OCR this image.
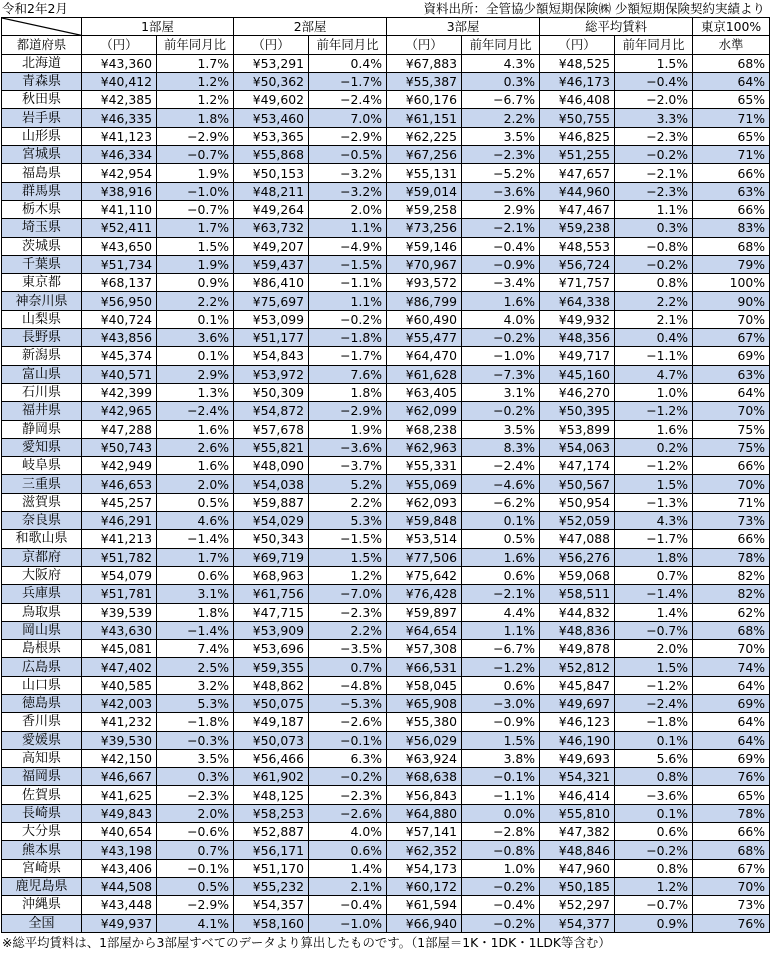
令和2年2月	資料出所：全管協少額短期保険㈱ 少額短期保険契約実績より
	1部屋		2部屋		3部屋		総平均賃料		東京100%
都道府県	（円）	前年同月比	（円）	前年同月比	（円）	前年同月比	（円）	前年同月比	水準
北海道	¥43,360	1.7%	¥53,291	0.4%	¥67,883	4.3%	¥48,525	1.5%	68%
青森県	¥40,412	1.2%	¥50,362	−1.7%	¥55,387	0.3%	¥46,173	−0.4%	64%
秋田県	¥42,385	1.2%	¥49,602	−2.4%	¥60,176	−6.7%	¥46,408	−2.0%	65%
岩手県	¥46,335	1.8%	¥53,460	7.0%	¥61,151	2.2%	¥50,755	3.3%	71%
山形県	¥41,123	−2.9%	¥53,365	−2.9%	¥62,225	3.5%	¥46,825	−2.3%	65%
宮城県	¥46,334	−0.7%	¥55,868	−0.5%	¥67,256	−2.3%	¥51,255	−0.2%	71%
福島県	¥42,954	1.9%	¥50,153	−3.2%	¥55,131	−5.2%	¥47,657	−2.1%	66%
群馬県	¥38,916	−1.0%	¥48,211	−3.2%	¥59,014	−3.6%	¥44,960	−2.3%	63%
栃木県	¥41,110	−0.7%	¥49,264	2.0%	¥59,258	2.9%	¥47,467	1.1%	66%
埼玉県	¥52,411	1.7%	¥63,732	1.1%	¥73,256	−2.1%	¥59,238	0.3%	83%
茨城県	¥43,650	1.5%	¥49,207	−4.9%	¥59,146	−0.4%	¥48,553	−0.8%	68%
千葉県	¥51,734	1.9%	¥59,437	−1.5%	¥70,967	−0.9%	¥56,724	−0.2%	79%
東京都	¥68,137	0.9%	¥86,410	−1.1%	¥93,572	−3.4%	¥71,757	0.8%	100%
神奈川県	¥56,950	2.2%	¥75,697	1.1%	¥86,799	1.6%	¥64,338	2.2%	90%
山梨県	¥40,724	0.1%	¥53,099	−0.2%	¥60,490	4.0%	¥49,932	2.1%	70%
長野県	¥43,856	3.6%	¥51,177	−1.8%	¥55,477	−0.2%	¥48,356	0.4%	67%
新潟県	¥45,374	0.1%	¥54,843	−1.7%	¥64,470	−1.0%	¥49,717	−1.1%	69%
富山県	¥40,571	2.9%	¥53,972	7.6%	¥61,628	−7.3%	¥45,160	4.7%	63%
石川県	¥42,399	1.3%	¥50,309	1.8%	¥63,405	3.1%	¥46,270	1.0%	64%
福井県	¥42,965	−2.4%	¥54,872	−2.9%	¥62,099	−0.2%	¥50,395	−1.2%	70%
静岡県	¥47,288	1.6%	¥57,678	1.9%	¥68,238	3.5%	¥53,899	1.6%	75%
愛知県	¥50,743	2.6%	¥55,821	−3.6%	¥62,963	8.3%	¥54,063	0.2%	75%
岐阜県	¥42,949	1.6%	¥48,090	−3.7%	¥55,331	−2.4%	¥47,174	−1.2%	66%
三重県	¥46,653	2.0%	¥54,038	5.2%	¥55,069	−4.6%	¥50,567	1.5%	70%
滋賀県	¥45,257	0.5%	¥59,887	2.2%	¥62,093	−6.2%	¥50,954	−1.3%	71%
奈良県	¥46,291	4.6%	¥54,029	5.3%	¥59,848	0.1%	¥52,059	4.3%	73%
和歌山県	¥41,213	−1.4%	¥50,343	−1.5%	¥53,514	0.5%	¥47,088	−1.7%	66%
京都府	¥51,782	1.7%	¥69,719	1.5%	¥77,506	1.6%	¥56,276	1.8%	78%
大阪府	¥54,079	0.6%	¥68,963	1.2%	¥75,642	0.6%	¥59,068	0.7%	82%
兵庫県	¥51,781	3.1%	¥61,756	−7.0%	¥76,428	−2.1%	¥58,511	−1.4%	82%
鳥取県	¥39,539	1.8%	¥47,715	−2.3%	¥59,897	4.4%	¥44,832	1.4%	62%
岡山県	¥43,630	−1.4%	¥53,909	2.2%	¥64,654	1.1%	¥48,836	−0.7%	68%
島根県	¥45,081	7.4%	¥53,696	−3.5%	¥57,308	−6.7%	¥49,878	2.0%	70%
広島県	¥47,402	2.5%	¥59,355	0.7%	¥66,531	−1.2%	¥52,812	1.5%	74%
山口県	¥40,585	3.2%	¥48,862	−4.8%	¥58,045	0.6%	¥45,847	−1.2%	64%
徳島県	¥42,003	5.3%	¥50,075	−5.3%	¥65,908	−3.0%	¥49,697	−2.4%	69%
香川県	¥41,232	−1.8%	¥49,187	−2.6%	¥55,380	−0.9%	¥46,123	−1.8%	64%
愛媛県	¥39,530	−0.3%	¥50,073	−0.1%	¥56,029	1.5%	¥46,190	0.1%	64%
高知県	¥42,150	3.5%	¥56,466	6.3%	¥63,924	3.8%	¥49,693	5.6%	69%
福岡県	¥46,667	0.3%	¥61,902	−0.2%	¥68,638	−0.1%	¥54,321	0.8%	76%
佐賀県	¥41,625	−2.3%	¥48,125	−2.3%	¥56,843	−1.1%	¥46,414	−3.6%	65%
長崎県	¥49,843	2.0%	¥58,253	−2.6%	¥64,880	0.0%	¥55,810	0.1%	78%
大分県	¥40,654	−0.6%	¥52,887	4.0%	¥57,141	−2.8%	¥47,382	0.6%	66%
熊本県	¥43,198	0.7%	¥56,171	0.6%	¥62,352	−0.8%	¥48,846	−0.2%	68%
宮崎県	¥43,406	−0.1%	¥51,170	1.4%	¥54,173	1.0%	¥47,960	0.8%	67%
鹿児島県	¥44,508	0.5%	¥55,232	2.1%	¥60,172	−0.2%	¥50,185	1.2%	70%
沖縄県	¥43,448	−2.9%	¥54,357	−0.4%	¥61,594	−0.4%	¥52,297	−0.7%	73%
全国	¥49,937	4.1%	¥58,160	−1.0%	¥66,940	−0.2%	¥54,377	0.9%	76%
※総平均賃料は、1部屋から3部屋すべてのデータより算出したものです。（1部屋＝1K・1DK・1LDK等含む）
